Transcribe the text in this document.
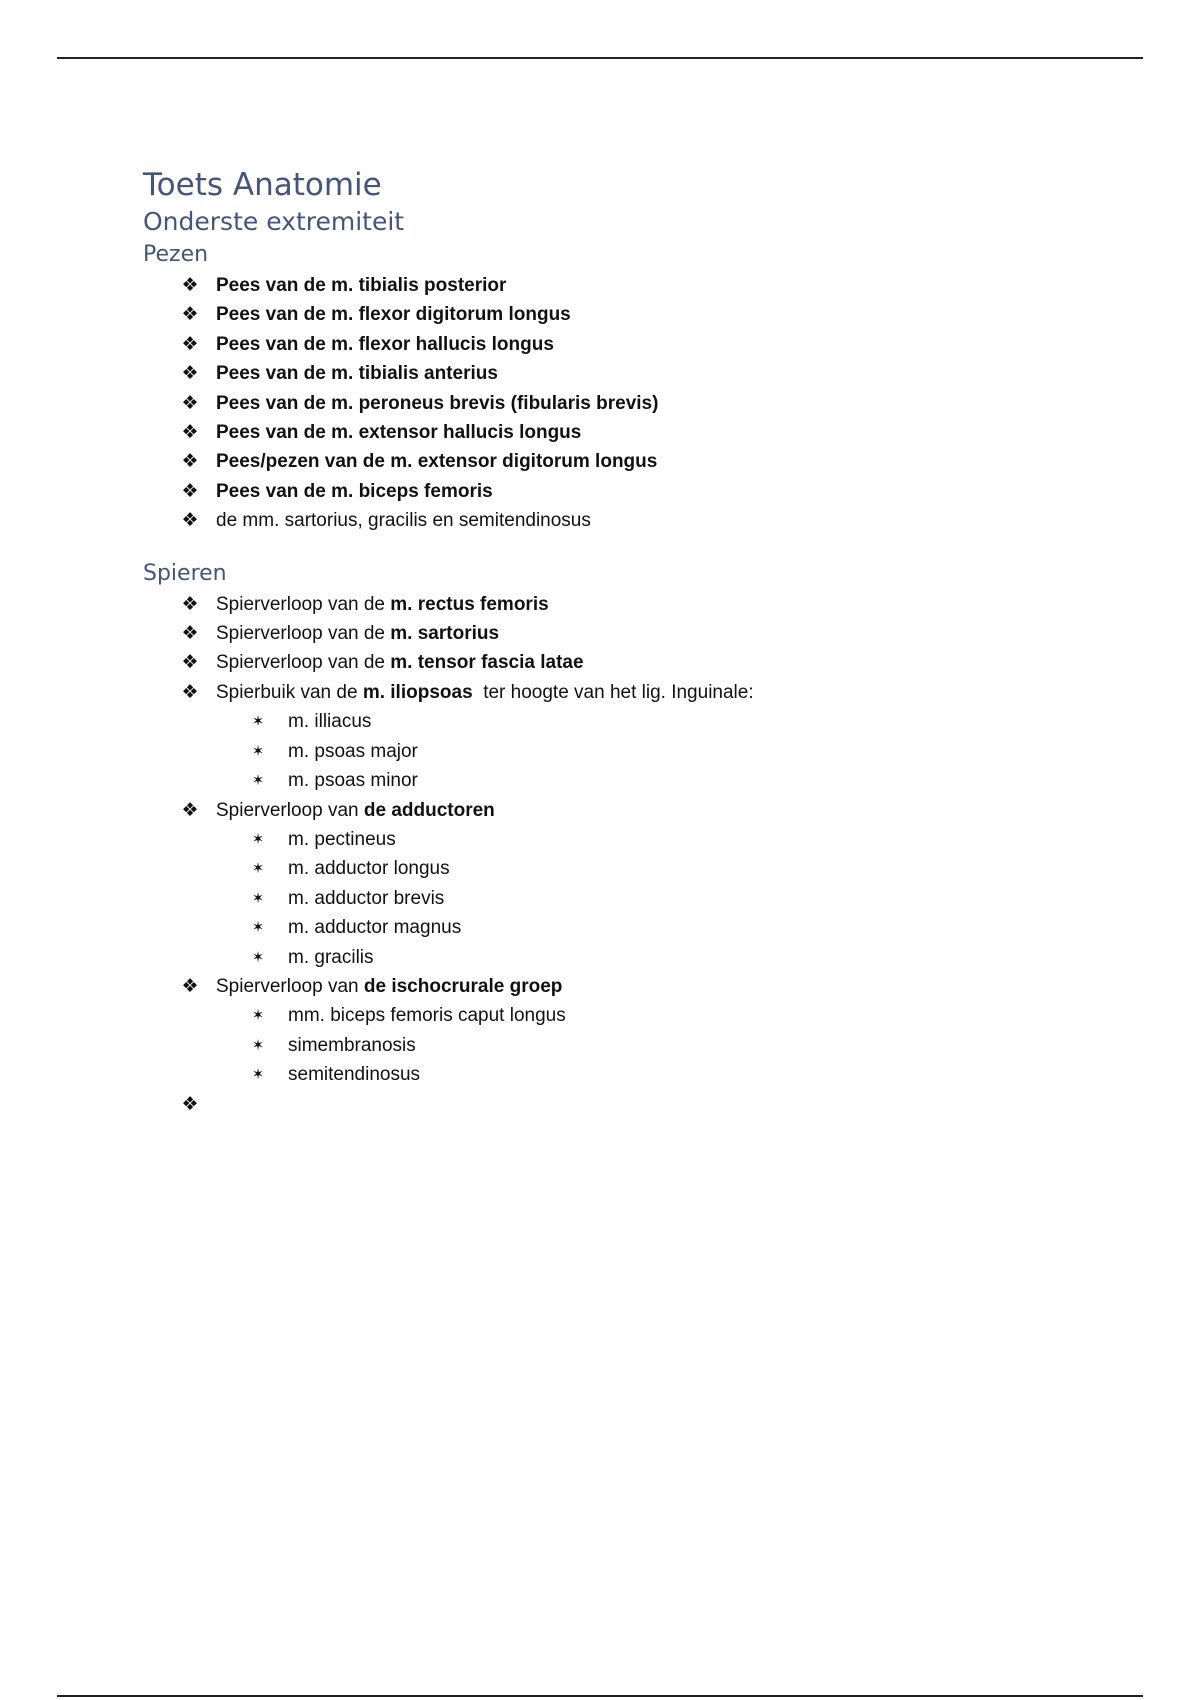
Toets Anatomie
Onderste extremiteit
Pezen
❖ Pees van de m. tibialis posterior
❖ Pees van de m. flexor digitorum longus
❖ Pees van de m. flexor hallucis longus
❖ Pees van de m. tibialis anterius
❖ Pees van de m. peroneus brevis (fibularis brevis)
❖ Pees van de m. extensor hallucis longus
❖ Pees/pezen van de m. extensor digitorum longus
❖ Pees van de m. biceps femoris
❖ de mm. sartorius, gracilis en semitendinosus
Spieren
❖ Spierverloop van de m. rectus femoris
❖ Spierverloop van de m. sartorius
❖ Spierverloop van de m. tensor fascia latae
❖ Spierbuik van de m. iliopsoas  ter hoogte van het lig. Inguinale:
✶ m. illiacus
✶ m. psoas major
✶ m. psoas minor
❖ Spierverloop van de adductoren
✶ m. pectineus
✶ m. adductor longus
✶ m. adductor brevis
✶ m. adductor magnus
✶ m. gracilis
❖ Spierverloop van de ischocrurale groep
✶ mm. biceps femoris caput longus
✶ simembranosis
✶ semitendinosus
❖
